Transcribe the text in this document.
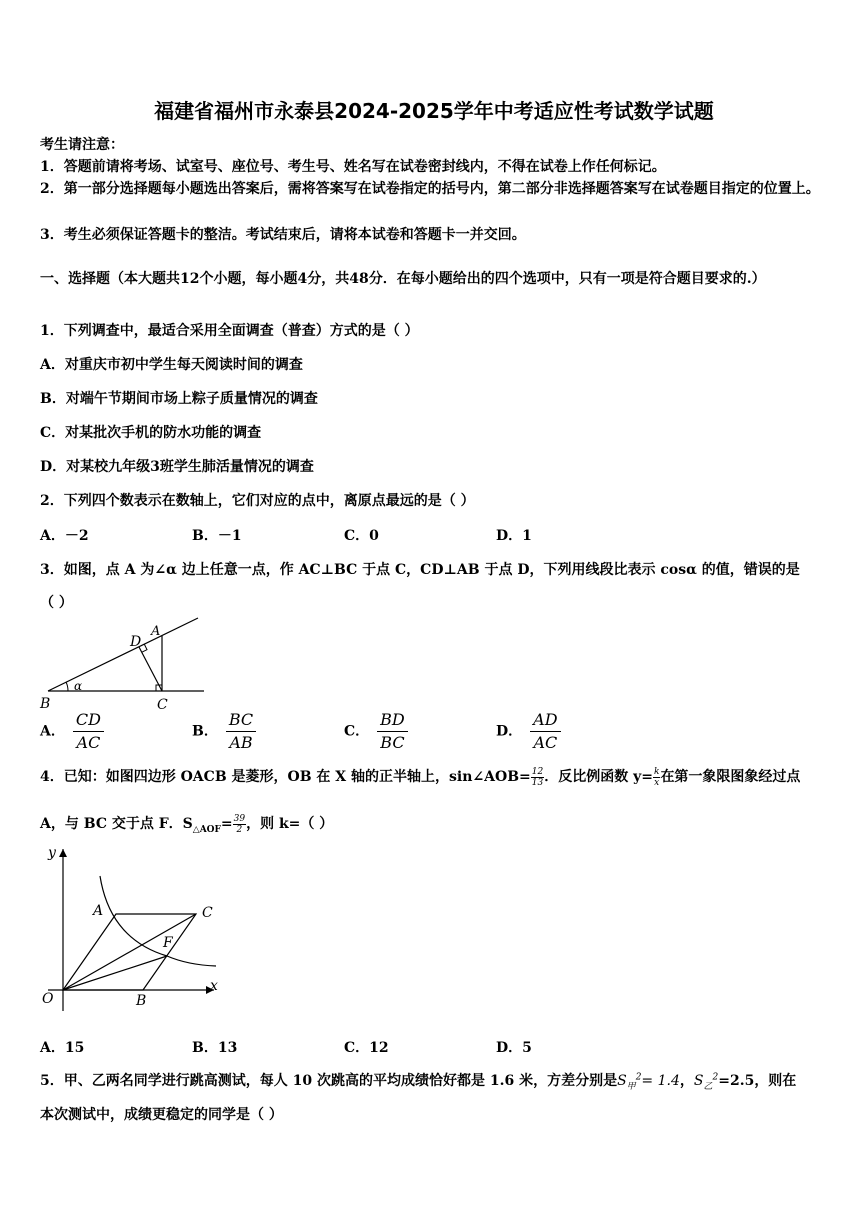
福建省福州市永泰县2024-2025学年中考适应性考试数学试题
考生请注意：
1．答题前请将考场、试室号、座位号、考生号、姓名写在试卷密封线内，不得在试卷上作任何标记。
2．第一部分选择题每小题选出答案后，需将答案写在试卷指定的括号内，第二部分非选择题答案写在试卷题目指定的位置上。
3．考生必须保证答题卡的整洁。考试结束后，请将本试卷和答题卡一并交回。
一、选择题（本大题共12个小题，每小题4分，共48分．在每小题给出的四个选项中，只有一项是符合题目要求的.）
1．下列调查中，最适合采用全面调查（普查）方式的是（ ）
A．对重庆市初中学生每天阅读时间的调查
B．对端午节期间市场上粽子质量情况的调查
C．对某批次手机的防水功能的调查
D．对某校九年级3班学生肺活量情况的调查
2．下列四个数表示在数轴上，它们对应的点中，离原点最远的是（ ）
A．－2	B．－1	C．0	D．1
3．如图，点 A 为∠α 边上任意一点，作 AC⊥BC 于点 C，CD⊥AB 于点 D，下列用线段比表示 cosα 的值，错误的是
（ ）
B	C
D
A
α
A． $\frac{CD}{AC}$	B． $\frac{BC}{AB}$	C． $\frac{BD}{BC}$	D． $\frac{AD}{AC}$
4．已知：如图四边形 OACB 是菱形，OB 在 X 轴的正半轴上，sin∠AOB= $\frac{12}{13}$ ．反比例函数 $y= \frac{k}{x}$ 在第一象限图象经过点
A，与 BC 交于点 F．$S_{\triangle AOF}= \frac{39}{2}$ ，则 k=（ ）
y
x
O
A	C
F
B
A．15	B．13	C．12	D．5
5．甲、乙两名同学进行跳高测试，每人 10 次跳高的平均成绩恰好都是 1.6 米，方差分别是$S_甲^2= 1.4$，$S_乙^2=2.5$，则在
本次测试中，成绩更稳定的同学是（ ）
